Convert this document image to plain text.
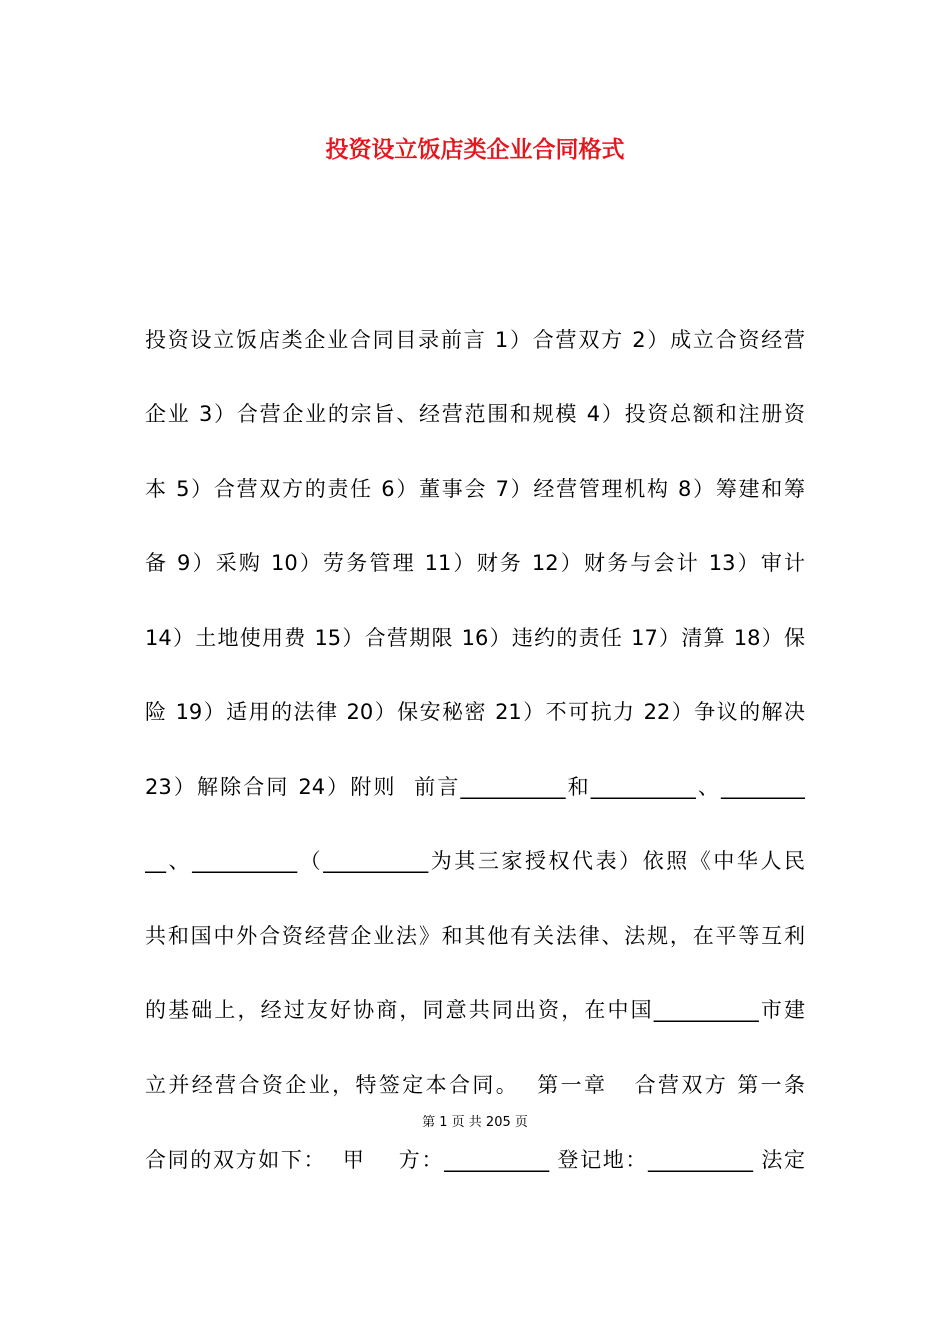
投资设立饭店类企业合同格式
投资设立饭店类企业合同目录前言 1）合营双方 2）成立合资经营
企业 3）合营企业的宗旨、经营范围和规模 4）投资总额和注册资
本 5）合营双方的责任 6）董事会 7）经营管理机构 8）筹建和筹
备 9）采购 10）劳务管理 11）财务 12）财务与会计 13）审计
14）土地使用费 15）合营期限 16）违约的责任 17）清算 18）保
险 19）适用的法律 20）保安秘密 21）不可抗力 22）争议的解决
23）解除合同 24）附则  前言__________和__________、________
__、__________（__________为其三家授权代表）依照《中华人民
共和国中外合资经营企业法》和其他有关法律、法规，在平等互利
的基础上，经过友好协商，同意共同出资，在中国__________市建
立并经营合资企业，特签定本合同。  第一章   合营双方 第一条
第 1 页 共 205 页
合同的双方如下：  甲    方：__________ 登记地：__________ 法定
